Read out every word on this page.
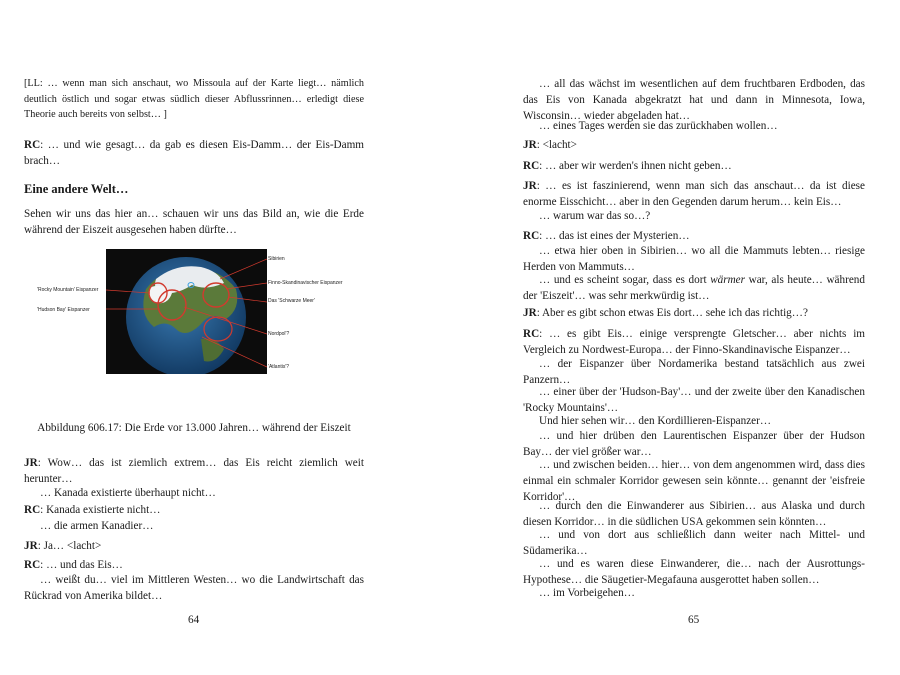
[LL: … wenn man sich anschaut, wo Missoula auf der Karte liegt… nämlich deutlich östlich und sogar etwas südlich dieser Abflussrinnen… erledigt diese Theorie auch bereits von selbst… ]

RC: … und wie gesagt… da gab es diesen Eis-Damm… der Eis-Damm brach…

Eine andere Welt…

Sehen wir uns das hier an… schauen wir uns das Bild an, wie die Erde während der Eiszeit ausgesehen haben dürfte…

Sibirien
Finno-Skandinavischer Eispanzer
Das 'Schwarze Meer'
Nordpol'?
'Atlantis'?
'Rocky Mountain' Eispanzer
'Hudson Bay' Eispanzer
Abbildung 606.17: Die Erde vor 13.000 Jahren… während der Eiszeit

JR: Wow… das ist ziemlich extrem… das Eis reicht ziemlich weit herunter…

… Kanada existierte überhaupt nicht…

RC: Kanada existierte nicht…

… die armen Kanadier…

JR: Ja… <lacht>

RC: … und das Eis…

… weißt du… viel im Mittleren Westen… wo die Landwirtschaft das Rückrad von Amerika bildet…

64

… all das wächst im wesentlichen auf dem fruchtbaren Erdboden, das das Eis von Kanada abgekratzt hat und dann in Minnesota, Iowa, Wisconsin… wieder abgeladen hat…

… eines Tages werden sie das zurückhaben wollen…

JR: <lacht>

RC: … aber wir werden's ihnen nicht geben…

JR: … es ist faszinierend, wenn man sich das anschaut… da ist diese enorme Eisschicht… aber in den Gegenden darum herum… kein Eis…

… warum war das so…?

RC: … das ist eines der Mysterien…

… etwa hier oben in Sibirien… wo all die Mammuts lebten… riesige Herden von Mammuts…

… und es scheint sogar, dass es dort wärmer war, als heute… während der 'Eiszeit'… was sehr merkwürdig ist…

JR: Aber es gibt schon etwas Eis dort… sehe ich das richtig…?

RC: … es gibt Eis… einige versprengte Gletscher… aber nichts im Vergleich zu Nordwest-Europa… der Finno-Skandinavische Eispanzer…

… der Eispanzer über Nordamerika bestand tatsächlich aus zwei Panzern…

… einer über der 'Hudson-Bay'… und der zweite über den Kanadischen 'Rocky Mountains'…

Und hier sehen wir… den Kordillieren-Eispanzer…

… und hier drüben den Laurentischen Eispanzer über der Hudson Bay… der viel größer war…

… und zwischen beiden… hier… von dem angenommen wird, dass dies einmal ein schmaler Korridor gewesen sein könnte… genannt der 'eisfreie Korridor'…

… durch den die Einwanderer aus Sibirien… aus Alaska und durch diesen Korridor… in die südlichen USA gekommen sein könnten…

… und von dort aus schließlich dann weiter nach Mittel- und Südamerika…

… und es waren diese Einwanderer, die… nach der Ausrottungs-Hypothese… die Säugetier-Megafauna ausgerottet haben sollen…

… im Vorbeigehen…

65
